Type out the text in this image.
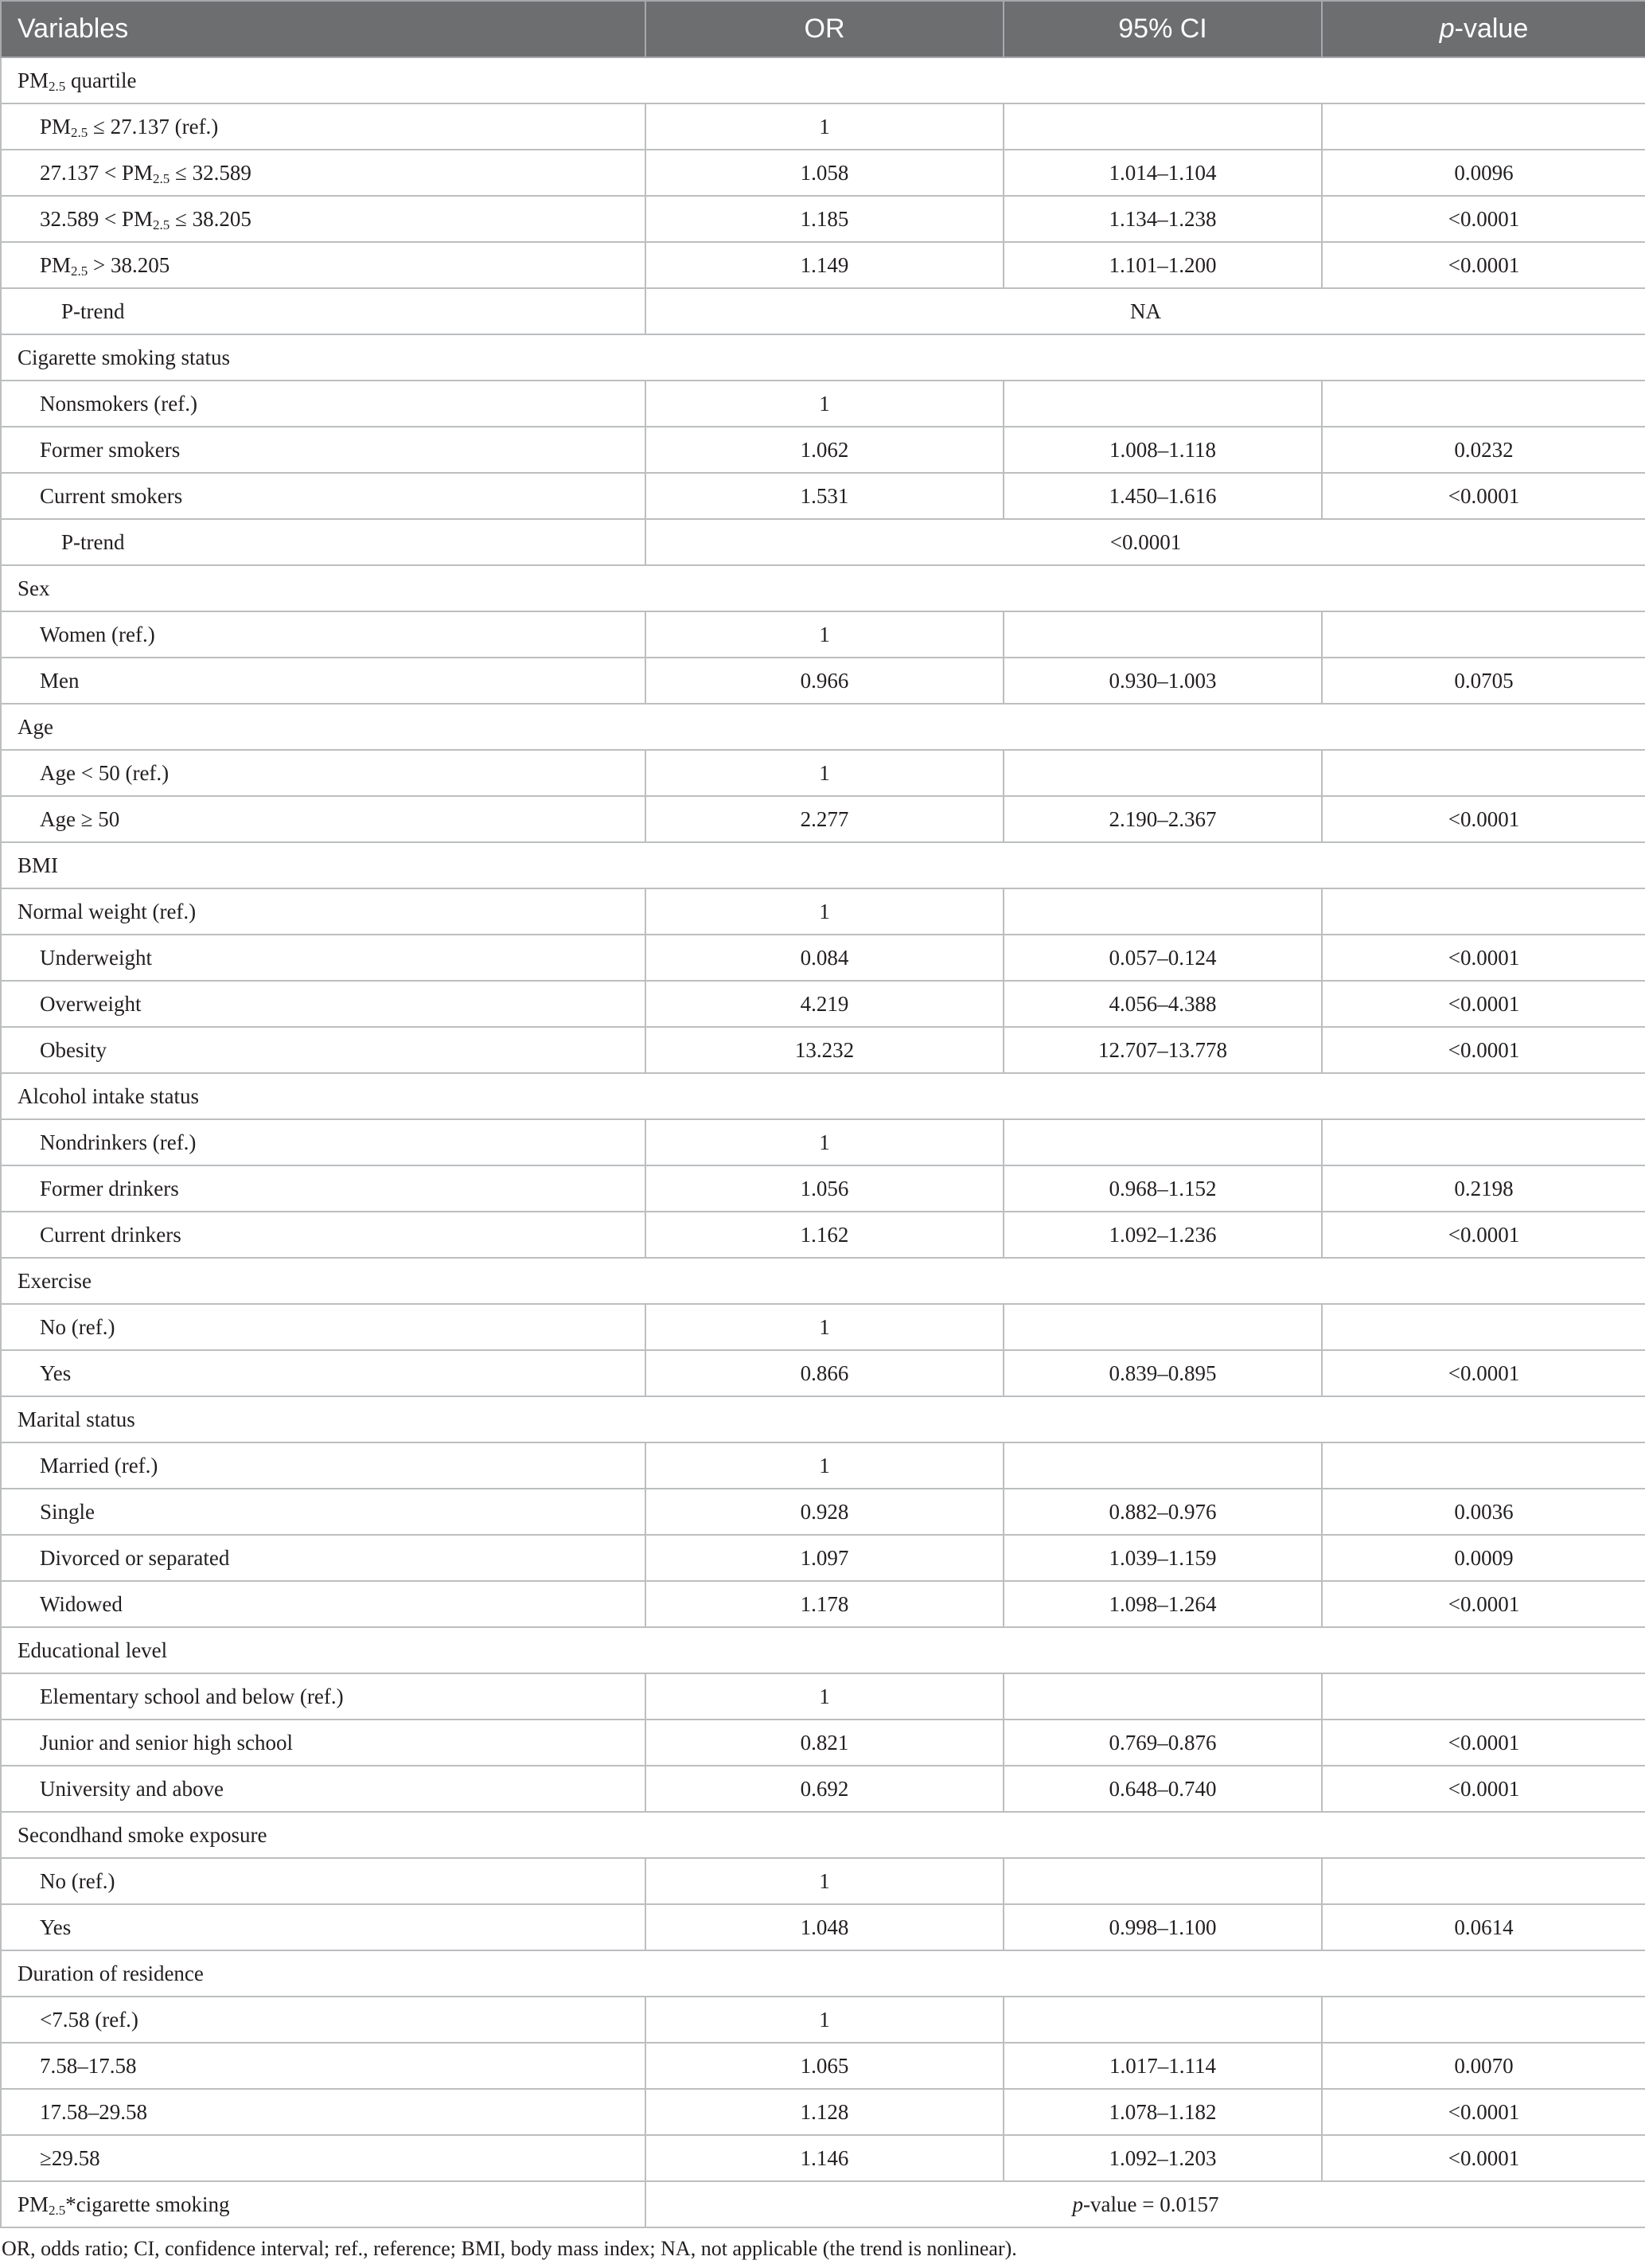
Variables	OR	95% CI	p-value
$PM_{2.5}$ quartile			
$PM_{2.5} \le 27.137$ (ref.)	1		
$27.137 < PM_{2.5} \le 32.589$	1.058	1.014–1.104	0.0096
$32.589 < PM_{2.5} \le 38.205$	1.185	1.134–1.238	<0.0001
$PM_{2.5} > 38.205$	1.149	1.101–1.200	<0.0001
P-trend	NA		
Cigarette smoking status			
Nonsmokers (ref.)	1		
Former smokers	1.062	1.008–1.118	0.0232
Current smokers	1.531	1.450–1.616	<0.0001
P-trend	<0.0001		
Sex			
Women (ref.)	1		
Men	0.966	0.930–1.003	0.0705
Age			
Age < 50 (ref.)	1		
Age ≥ 50	2.277	2.190–2.367	<0.0001
BMI			
Normal weight (ref.)	1		
Underweight	0.084	0.057–0.124	<0.0001
Overweight	4.219	4.056–4.388	<0.0001
Obesity	13.232	12.707–13.778	<0.0001
Alcohol intake status			
Nondrinkers (ref.)	1		
Former drinkers	1.056	0.968–1.152	0.2198
Current drinkers	1.162	1.092–1.236	<0.0001
Exercise			
No (ref.)	1		
Yes	0.866	0.839–0.895	<0.0001
Marital status			
Married (ref.)	1		
Single	0.928	0.882–0.976	0.0036
Divorced or separated	1.097	1.039–1.159	0.0009
Widowed	1.178	1.098–1.264	<0.0001
Educational level			
Elementary school and below (ref.)	1		
Junior and senior high school	0.821	0.769–0.876	<0.0001
University and above	0.692	0.648–0.740	<0.0001
Secondhand smoke exposure			
No (ref.)	1		
Yes	1.048	0.998–1.100	0.0614
Duration of residence			
<7.58 (ref.)	1		
7.58–17.58	1.065	1.017–1.114	0.0070
17.58–29.58	1.128	1.078–1.182	<0.0001
≥29.58	1.146	1.092–1.203	<0.0001
$PM_{2.5}*cigarette$ smoking	p-value = 0.0157		
OR, odds ratio; CI, confidence interval; ref., reference; BMI, body mass index; NA, not applicable (the trend is nonlinear).
